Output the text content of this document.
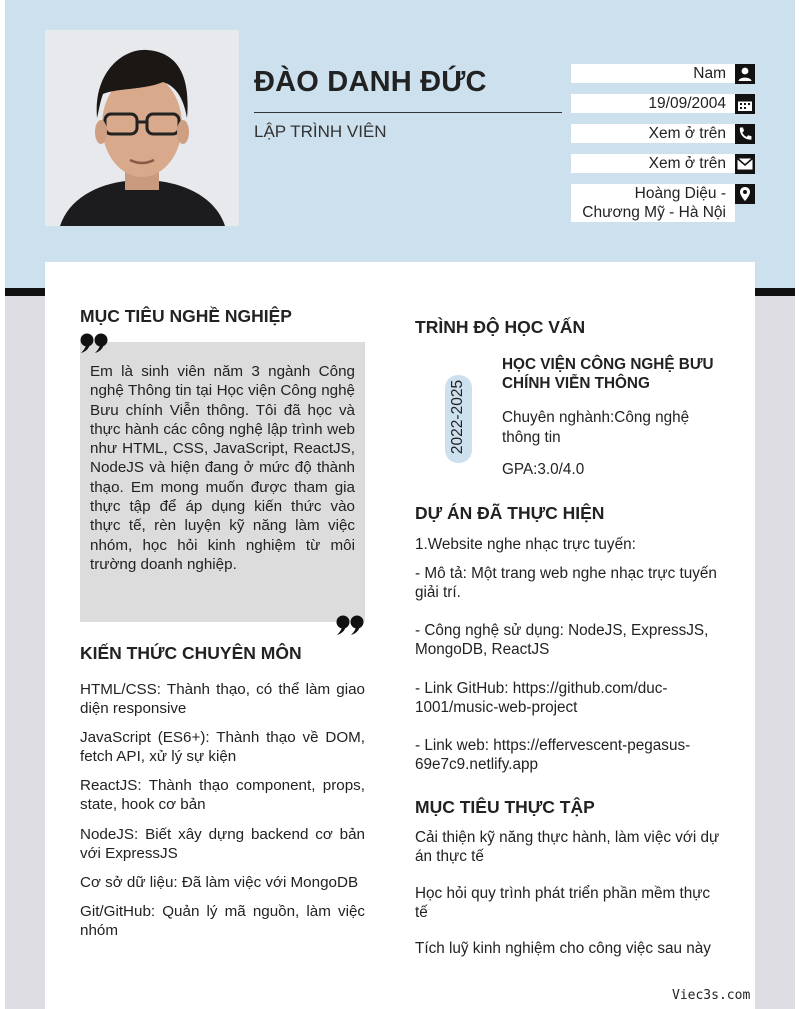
ĐÀO DANH ĐỨC
LẬP TRÌNH VIÊN
Nam
19/09/2004
Xem ở trên
Xem ở trên
Hoàng Diệu - Chương Mỹ - Hà Nội
MỤC TIÊU NGHỀ NGHIỆP
Em là sinh viên năm 3 ngành Công nghệ Thông tin tại Học viện Công nghệ Bưu chính Viễn thông. Tôi đã học và thực hành các công nghệ lập trình web như HTML, CSS, JavaScript, ReactJS, NodeJS và hiện đang ở mức độ thành thạo. Em mong muốn được tham gia thực tập để áp dụng kiến thức vào thực tế, rèn luyện kỹ năng làm việc nhóm, học hỏi kinh nghiệm từ môi trường doanh nghiệp.
KIẾN THỨC CHUYÊN MÔN
HTML/CSS: Thành thạo, có thể làm giao diện responsive
JavaScript (ES6+): Thành thạo về DOM, fetch API, xử lý sự kiện
ReactJS: Thành thạo component, props, state, hook cơ bản
NodeJS: Biết xây dựng backend cơ bản với ExpressJS
Cơ sở dữ liệu: Đã làm việc với MongoDB
Git/GitHub: Quản lý mã nguồn, làm việc nhóm
TRÌNH ĐỘ HỌC VẤN
2022-2025
HỌC VIỆN CÔNG NGHỆ BƯU CHÍNH VIỄN THÔNG
Chuyên nghành:Công nghệ thông tin
GPA:3.0/4.0
DỰ ÁN ĐÃ THỰC HIỆN
1.Website nghe nhạc trực tuyến:
- Mô tả: Một trang web nghe nhạc trực tuyến giải trí.
- Công nghệ sử dụng: NodeJS, ExpressJS, MongoDB, ReactJS
- Link GitHub: https://github.com/duc-1001/music-web-project
- Link web: https://effervescent-pegasus-69e7c9.netlify.app
MỤC TIÊU THỰC TẬP
Cải thiện kỹ năng thực hành, làm việc với dự án thực tế
Học hỏi quy trình phát triển phần mềm thực tế
Tích luỹ kinh nghiệm cho công việc sau này
Viec3s.com
